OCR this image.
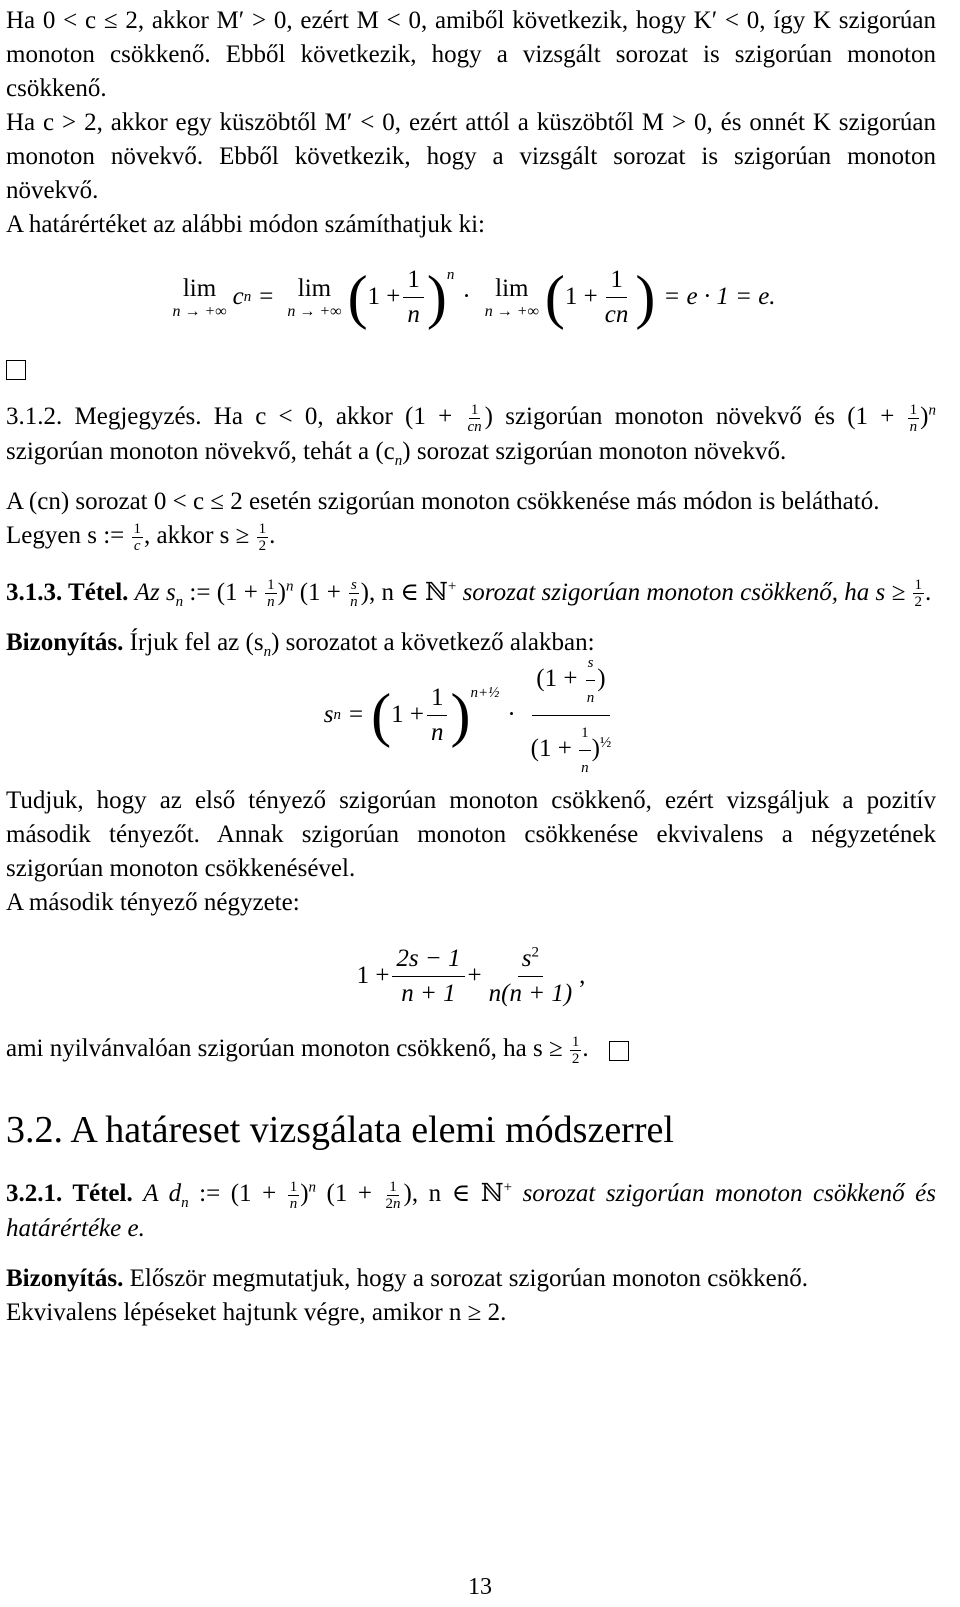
Ha 0 < c ≤ 2, akkor M′ > 0, ezért M < 0, amiből következik, hogy K′ < 0, így K szigorúan monoton csökkenő. Ebből következik, hogy a vizsgált sorozat is szigorúan monoton csökkenő.

Ha c > 2, akkor egy küszöbtől M′ < 0, ezért attól a küszöbtől M > 0, és onnét K szigorúan monoton növekvő. Ebből következik, hogy a vizsgált sorozat is szigorúan monoton növekvő.

A határértéket az alábbi módon számíthatjuk ki:

lim
n → +∞
c n = lim
n → +∞ ( $1 + \frac{1}{n} )^n$
· lim
n → +∞ ( $1 + \frac{1}{cn}$ ) = e · 1 = e.

3.1.2. Megjegyzés. Ha c < 0, akkor ($1 + \frac{1}{cn}$ ) szigorúan monoton növekvő és $(1 + \frac{1}{n} )^n$ szigorúan monoton növekvő, tehát a $(c_n)$ sorozat szigorúan monoton növekvő.

A (cn) sorozat 0 < c ≤ 2 esetén szigorúan monoton csökkenése más módon is belátható.

Legyen s := $\frac{1}{c}$ , akkor $s \ge \frac{1}{2}$ .

3.1.3. Tétel. Az $s_n$ := $(1 + \frac{1}{n} )^n$ ($1 + \frac{s}{n}$ ), n ∈ ℕ+ sorozat szigorúan monoton csökkenő, ha $s \ge \frac{1}{2}$ .

Bizonyítás. Írjuk fel az $(s_n)$ sorozatot a következő alakban:

s n = ( $1 + \frac{1}{n} )^{n+\frac{1}{2}}$
· $\frac{(1 + \frac{s}{n} )}{(1 + \frac{1}{n} )^{\frac{1}{2}}}$

Tudjuk, hogy az első tényező szigorúan monoton csökkenő, ezért vizsgáljuk a pozitív második tényezőt. Annak szigorúan monoton csökkenése ekvivalens a négyzetének szigorúan monoton csökkenésével.

A második tényező négyzete:

$1 + \frac{2s - 1}{n + 1} + \frac{s^2}{n(n + 1)}$ ,

ami nyilvánvalóan szigorúan monoton csökkenő, ha $s \ge \frac{1}{2}$ .

3.2. A határeset vizsgálata elemi módszerrel

3.2.1. Tétel. A $d_n$ := $(1 + \frac{1}{n} )^n$ ($1 + \frac{1}{2n}$ ), n ∈ ℕ+ sorozat szigorúan monoton csökkenő és határértéke e.

Bizonyítás. Először megmutatjuk, hogy a sorozat szigorúan monoton csökkenő.

Ekvivalens lépéseket hajtunk végre, amikor n ≥ 2.

13
